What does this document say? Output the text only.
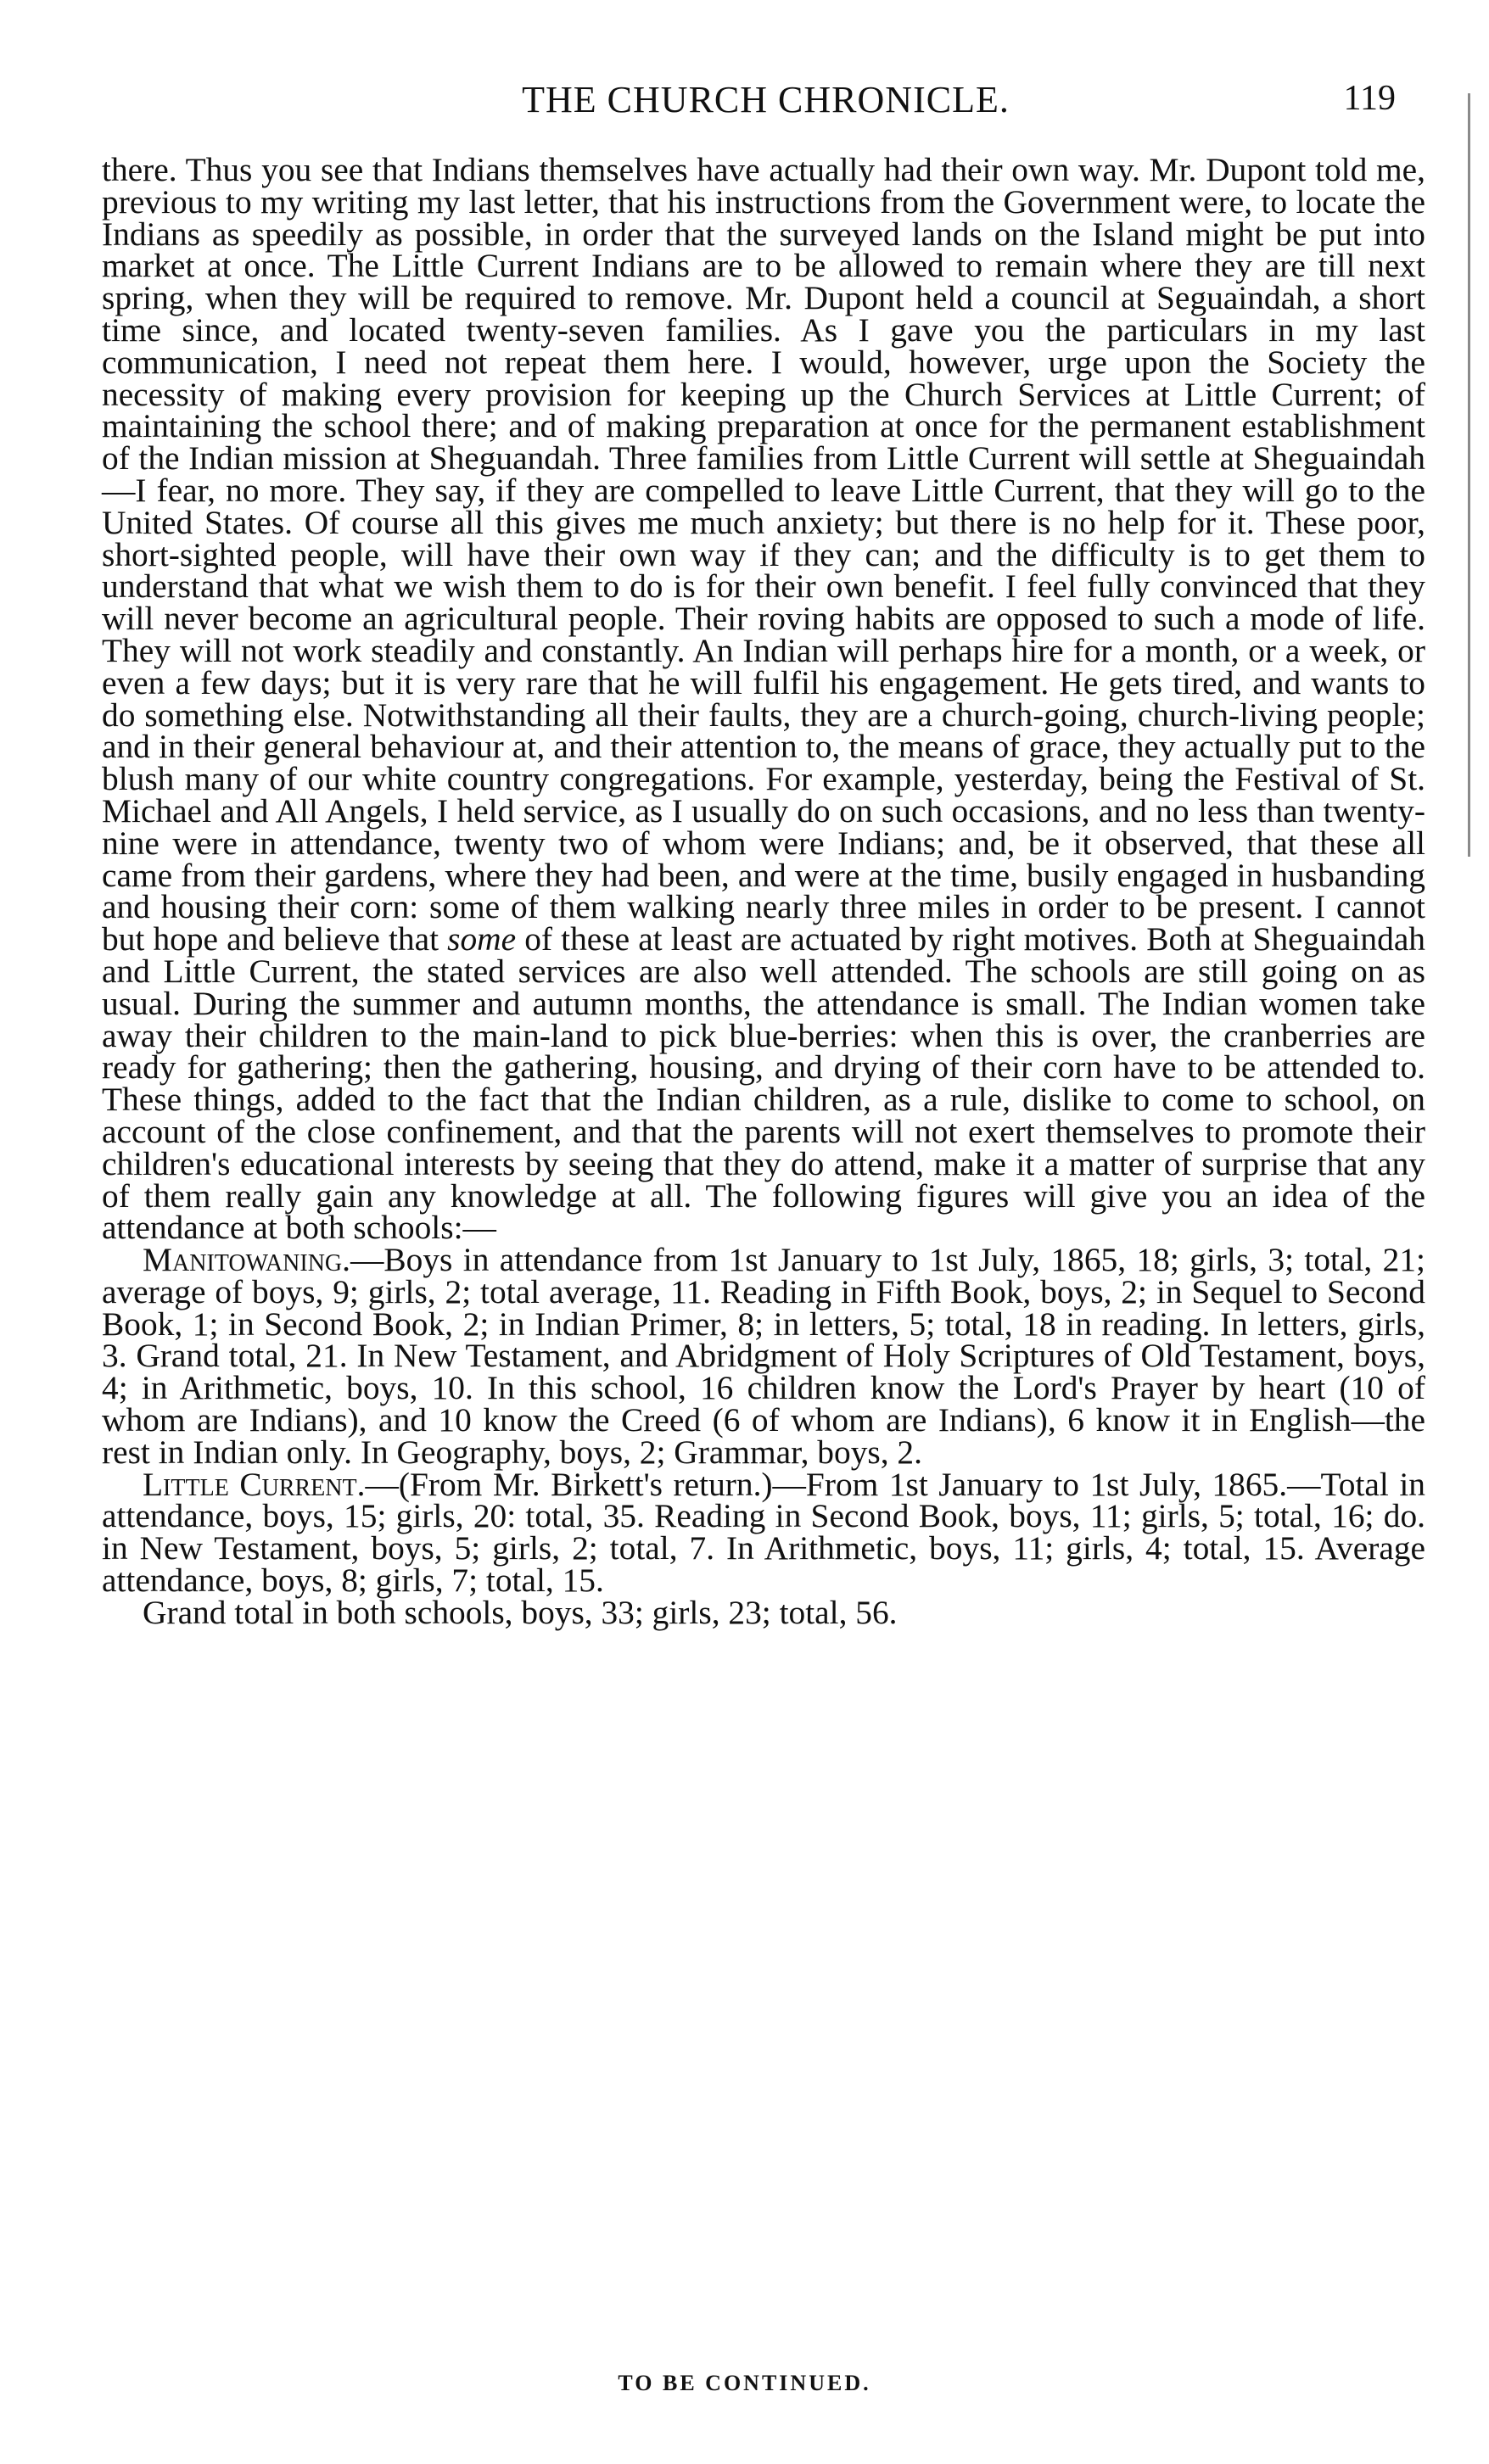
THE CHURCH CHRONICLE.	119

there. Thus you see that Indians themselves have actually had their own way. Mr. Dupont told me, previous to my writing my last letter, that his instructions from the Government were, to locate the Indians as speedily as possible, in order that the surveyed lands on the Island might be put into market at once. The Little Current Indians are to be allowed to remain where they are till next spring, when they will be required to remove. Mr. Dupont held a council at Seguaindah, a short time since, and located twenty-seven families. As I gave you the particulars in my last communication, I need not repeat them here. I would, however, urge upon the Society the necessity of making every provision for keeping up the Church Services at Little Current; of maintaining the school there; and of making preparation at once for the permanent establishment of the Indian mission at Sheguandah. Three families from Little Current will settle at Sheguaindah—I fear, no more. They say, if they are compelled to leave Little Current, that they will go to the United States. Of course all this gives me much anxiety; but there is no help for it. These poor, short-sighted people, will have their own way if they can; and the difficulty is to get them to understand that what we wish them to do is for their own benefit. I feel fully convinced that they will never become an agricultural people. Their roving habits are opposed to such a mode of life. They will not work steadily and constantly. An Indian will perhaps hire for a month, or a week, or even a few days; but it is very rare that he will fulfil his engagement. He gets tired, and wants to do something else. Notwithstanding all their faults, they are a church-going, church-living people; and in their general behaviour at, and their attention to, the means of grace, they actually put to the blush many of our white country congregations. For example, yesterday, being the Festival of St. Michael and All Angels, I held service, as I usually do on such occasions, and no less than twenty-nine were in attendance, twenty two of whom were Indians; and, be it observed, that these all came from their gardens, where they had been, and were at the time, busily engaged in husbanding and housing their corn: some of them walking nearly three miles in order to be present. I cannot but hope and believe that some of these at least are actuated by right motives. Both at Sheguaindah and Little Current, the stated services are also well attended. The schools are still going on as usual. During the summer and autumn months, the attendance is small. The Indian women take away their children to the main-land to pick blue-berries: when this is over, the cranberries are ready for gathering; then the gathering, housing, and drying of their corn have to be attended to. These things, added to the fact that the Indian children, as a rule, dislike to come to school, on account of the close confinement, and that the parents will not exert themselves to promote their children's educational interests by seeing that they do attend, make it a matter of surprise that any of them really gain any knowledge at all. The following figures will give you an idea of the attendance at both schools:—

Manitowaning.—Boys in attendance from 1st January to 1st July, 1865, 18; girls, 3; total, 21; average of boys, 9; girls, 2; total average, 11. Reading in Fifth Book, boys, 2; in Sequel to Second Book, 1; in Second Book, 2; in Indian Primer, 8; in letters, 5; total, 18 in reading. In letters, girls, 3. Grand total, 21. In New Testament, and Abridgment of Holy Scriptures of Old Testament, boys, 4; in Arithmetic, boys, 10. In this school, 16 children know the Lord's Prayer by heart (10 of whom are Indians), and 10 know the Creed (6 of whom are Indians), 6 know it in English—the rest in Indian only. In Geography, boys, 2; Grammar, boys, 2.

Little Current.—(From Mr. Birkett's return.)—From 1st January to 1st July, 1865.—Total in attendance, boys, 15; girls, 20: total, 35. Reading in Second Book, boys, 11; girls, 5; total, 16; do. in New Testament, boys, 5; girls, 2; total, 7. In Arithmetic, boys, 11; girls, 4; total, 15. Average attendance, boys, 8; girls, 7; total, 15.

Grand total in both schools, boys, 33; girls, 23; total, 56.

TO BE CONTINUED.
